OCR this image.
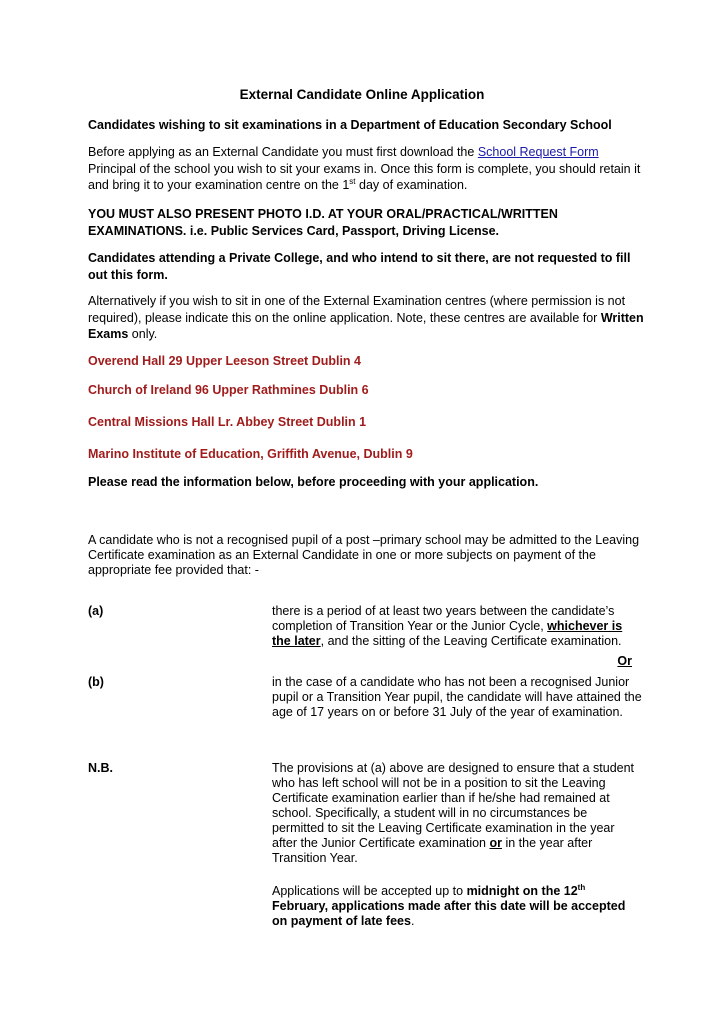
External Candidate Online Application
Candidates wishing to sit examinations in a Department of Education Secondary School
Before applying as an External Candidate you must first download the School Request Form Principal of the school you wish to sit your exams in. Once this form is complete, you should retain it and bring it to your examination centre on the 1st day of examination.
YOU MUST ALSO PRESENT PHOTO I.D. AT YOUR ORAL/PRACTICAL/WRITTEN EXAMINATIONS. i.e. Public Services Card, Passport, Driving License.
Candidates attending a Private College, and who intend to sit there, are not requested to fill out this form.
Alternatively if you wish to sit in one of the External Examination centres (where permission is not required), please indicate this on the online application. Note, these centres are available for Written Exams only.
Overend Hall 29 Upper Leeson Street Dublin 4
Church of Ireland 96 Upper Rathmines Dublin 6
Central Missions Hall Lr. Abbey Street Dublin 1
Marino Institute of Education, Griffith Avenue, Dublin 9
Please read the information below, before proceeding with your application.
A candidate who is not a recognised pupil of a post –primary school may be admitted to the Leaving Certificate examination as an External Candidate in one or more subjects on payment of the appropriate fee provided that: -
(a)	there is a period of at least two years between the candidate’s completion of Transition Year or the Junior Cycle, whichever is the later, and the sitting of the Leaving Certificate examination.
Or
(b)	in the case of a candidate who has not been a recognised Junior pupil or a Transition Year pupil, the candidate will have attained the age of 17 years on or before 31 July of the year of examination.
N.B.	The provisions at (a) above are designed to ensure that a student who has left school will not be in a position to sit the Leaving Certificate examination earlier than if he/she had remained at school. Specifically, a student will in no circumstances be permitted to sit the Leaving Certificate examination in the year after the Junior Certificate examination or in the year after Transition Year.
Applications will be accepted up to midnight on the 12th February, applications made after this date will be accepted on payment of late fees.
